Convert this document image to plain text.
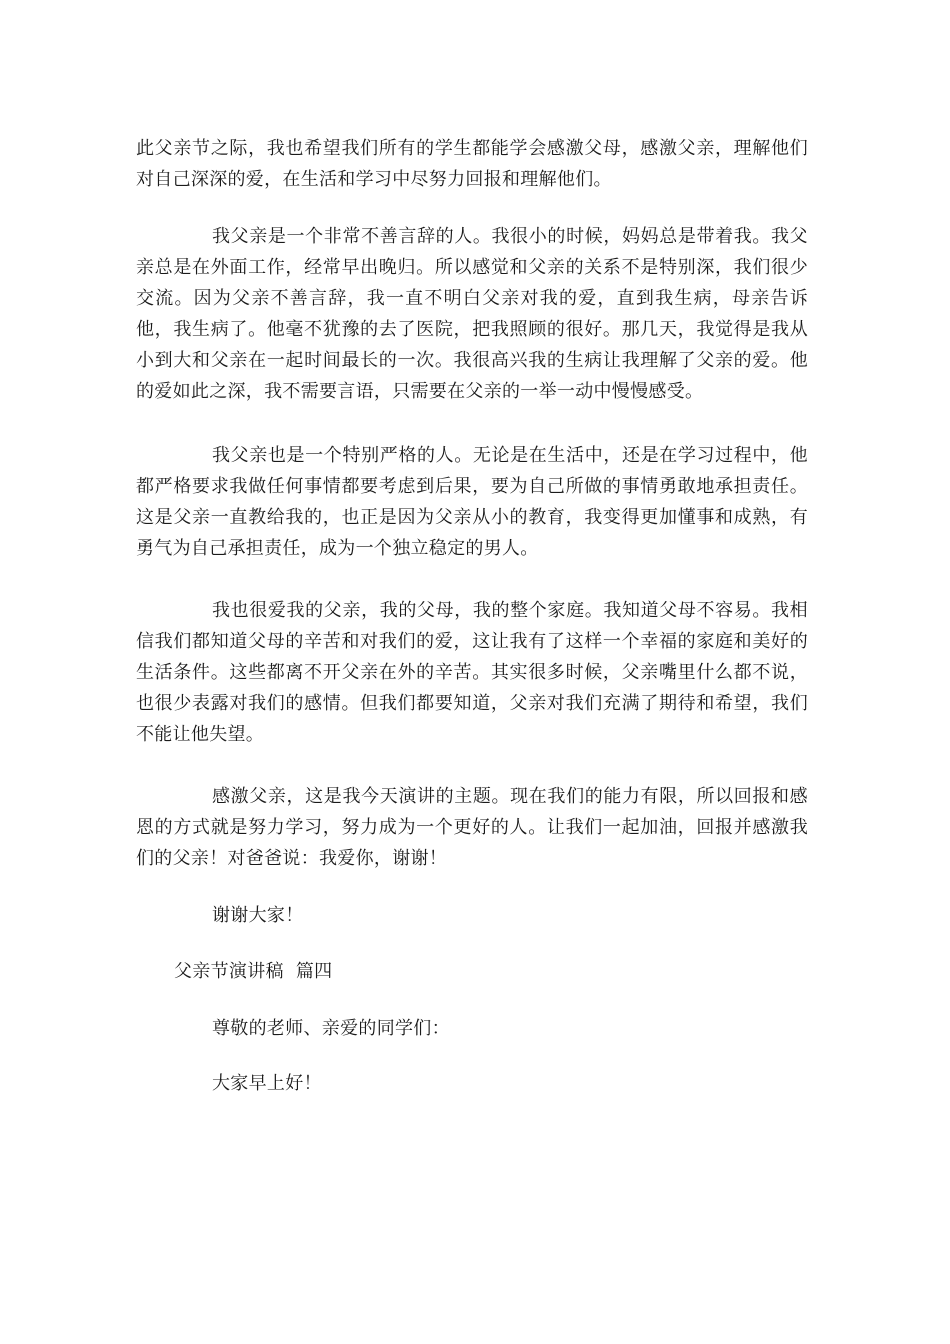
此父亲节之际，我也希望我们所有的学生都能学会感激父母，感激父亲，理解他们对自己深深的爱，在生活和学习中尽努力回报和理解他们。

我父亲是一个非常不善言辞的人。我很小的时候，妈妈总是带着我。我父亲总是在外面工作，经常早出晚归。所以感觉和父亲的关系不是特别深，我们很少交流。因为父亲不善言辞，我一直不明白父亲对我的爱，直到我生病，母亲告诉他，我生病了。他毫不犹豫的去了医院，把我照顾的很好。那几天，我觉得是我从小到大和父亲在一起时间最长的一次。我很高兴我的生病让我理解了父亲的爱。他的爱如此之深，我不需要言语，只需要在父亲的一举一动中慢慢感受。

我父亲也是一个特别严格的人。无论是在生活中，还是在学习过程中，他都严格要求我做任何事情都要考虑到后果，要为自己所做的事情勇敢地承担责任。这是父亲一直教给我的，也正是因为父亲从小的教育，我变得更加懂事和成熟，有勇气为自己承担责任，成为一个独立稳定的男人。

我也很爱我的父亲，我的父母，我的整个家庭。我知道父母不容易。我相信我们都知道父母的辛苦和对我们的爱，这让我有了这样一个幸福的家庭和美好的生活条件。这些都离不开父亲在外的辛苦。其实很多时候，父亲嘴里什么都不说，也很少表露对我们的感情。但我们都要知道，父亲对我们充满了期待和希望，我们不能让他失望。

感激父亲，这是我今天演讲的主题。现在我们的能力有限，所以回报和感恩的方式就是努力学习，努力成为一个更好的人。让我们一起加油，回报并感激我们的父亲！对爸爸说：我爱你，谢谢！

谢谢大家！

父亲节演讲稿  篇四

尊敬的老师、亲爱的同学们：

大家早上好！
